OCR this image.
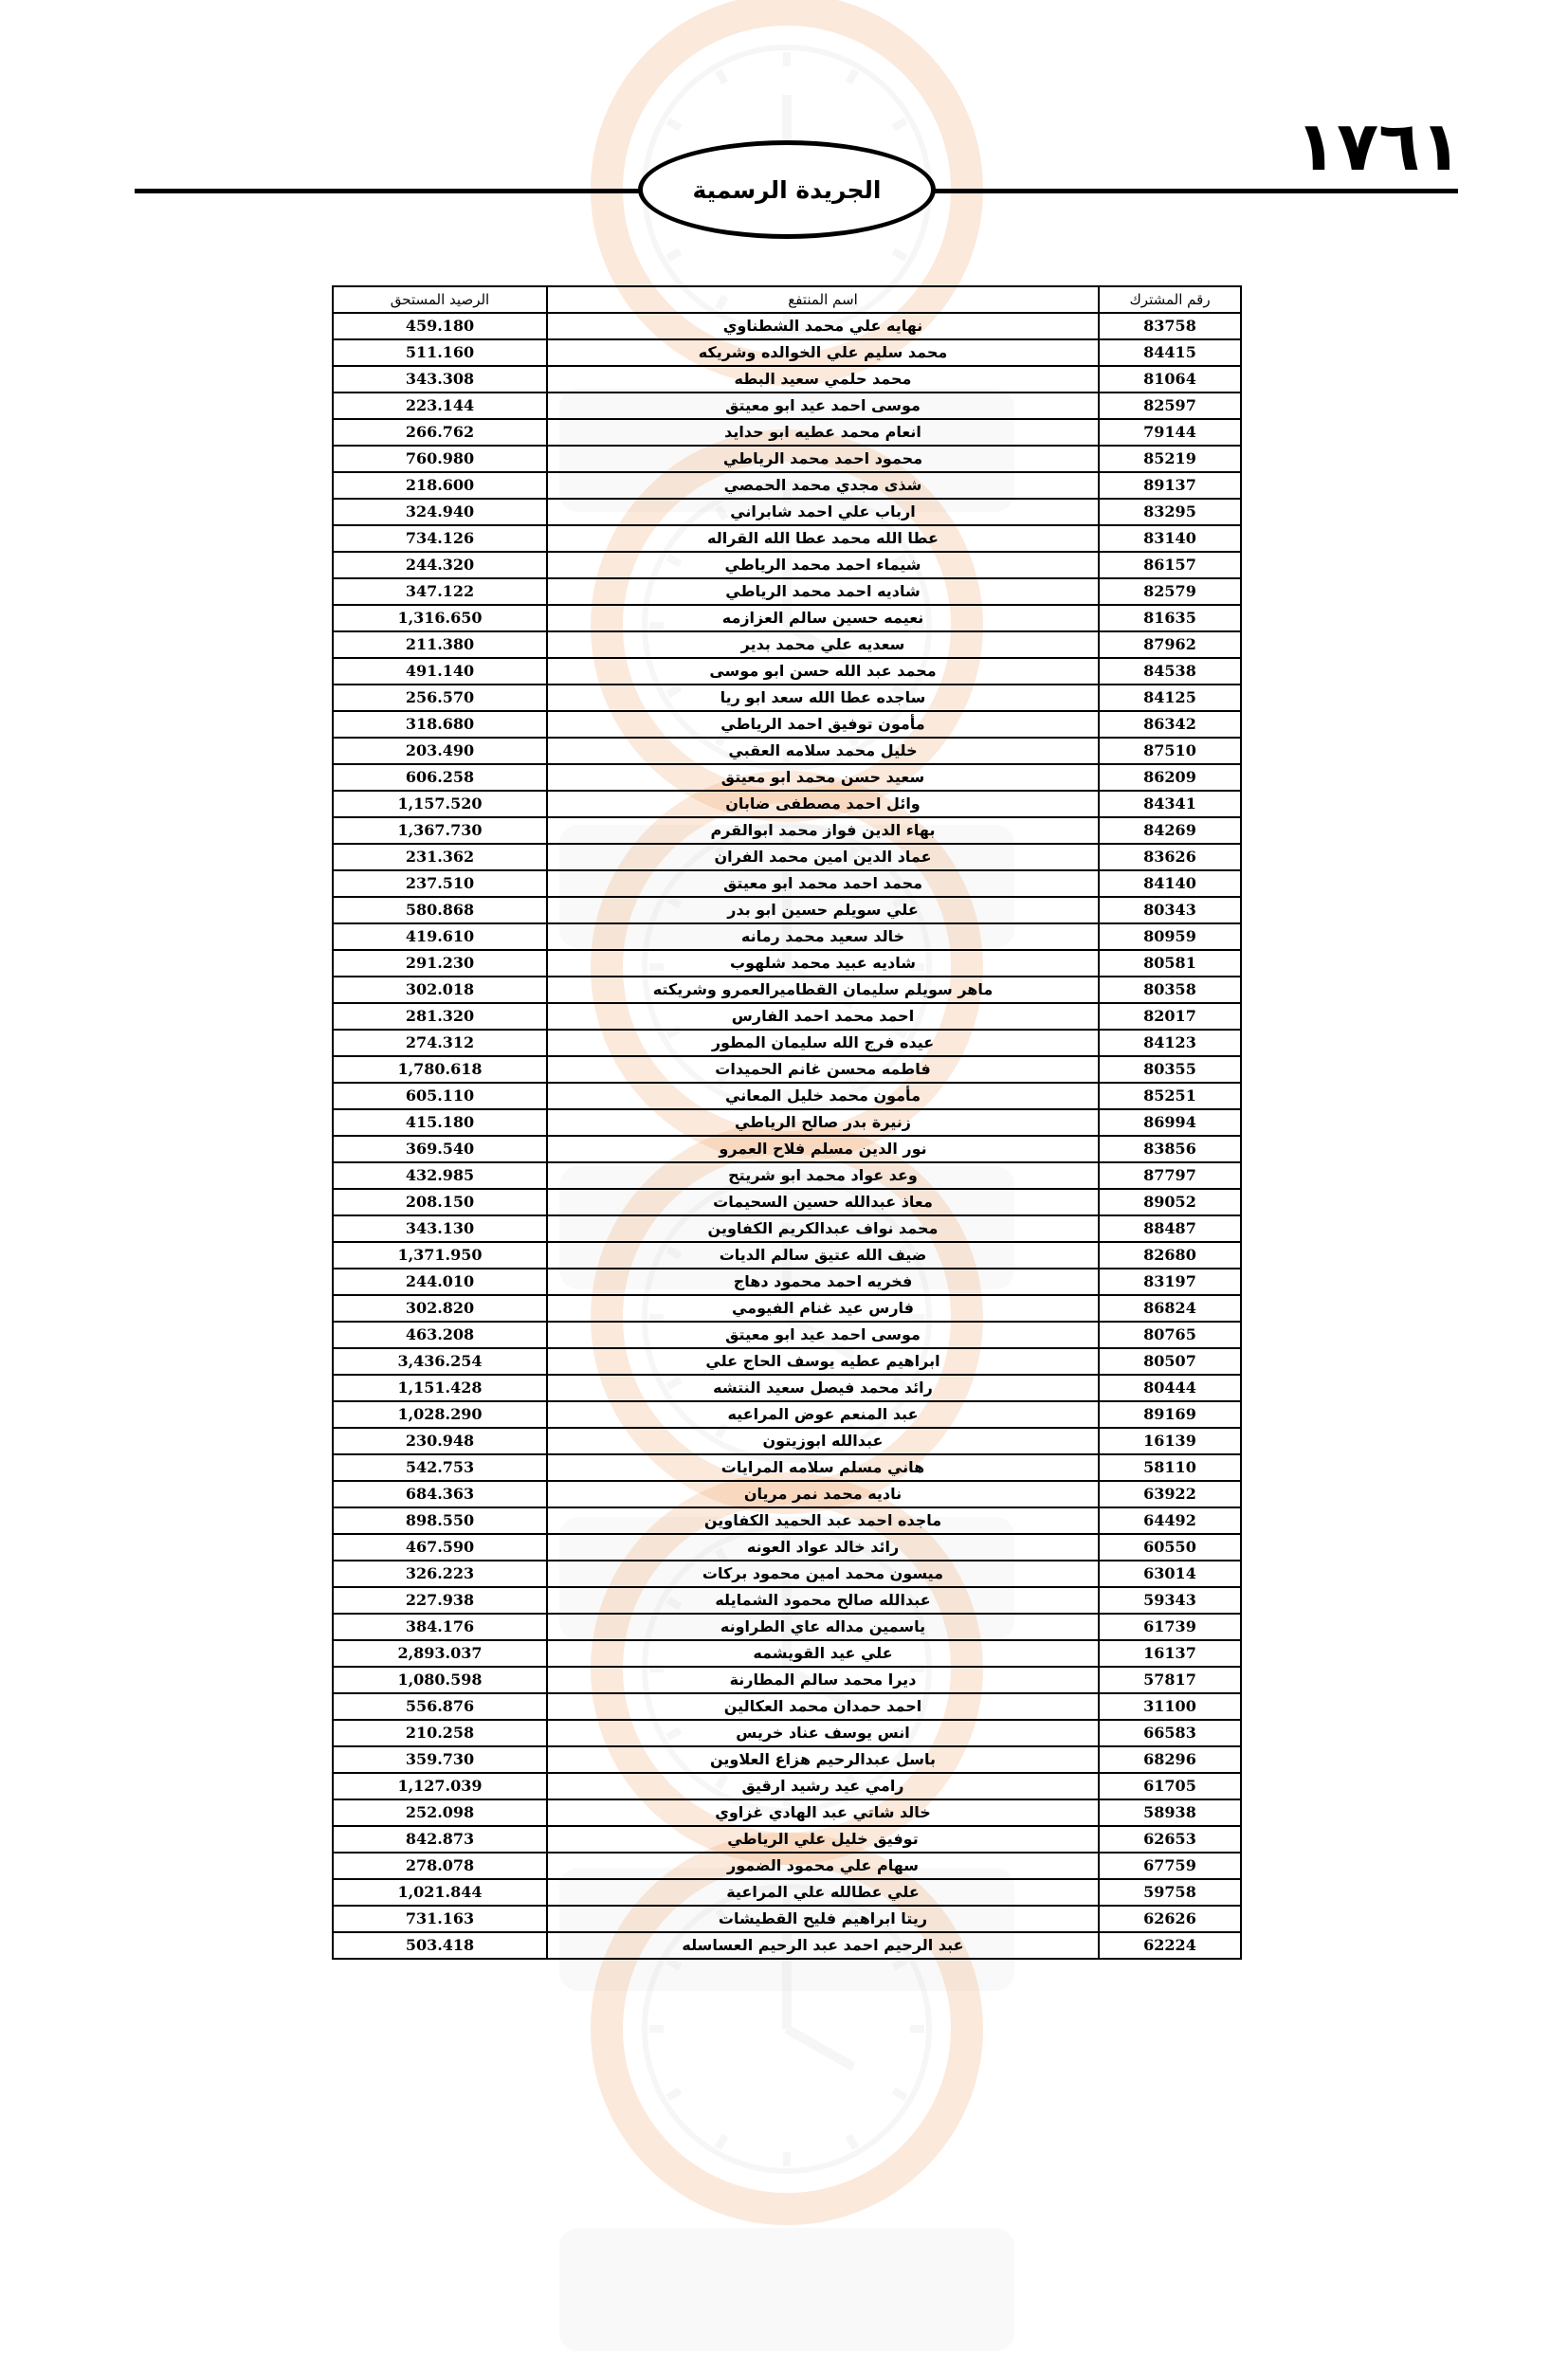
١٧٦١
الجريدة الرسمية
رقم المشترك	اسم المنتفع	الرصيد المستحق
83758	نهايه علي محمد الشطناوي	459.180
84415	محمد سليم علي الخوالده وشريكه	511.160
81064	محمد حلمي سعيد البطه	343.308
82597	موسى احمد عيد ابو معيتق	223.144
79144	انعام محمد عطيه ابو حدايد	266.762
85219	محمود احمد محمد الرياطي	760.980
89137	شذى مجدي محمد الحمصي	218.600
83295	ارباب علي احمد شابراني	324.940
83140	عطا الله محمد عطا الله القراله	734.126
86157	شيماء احمد محمد الرياطي	244.320
82579	شاديه احمد محمد الرياطي	347.122
81635	نعيمه حسين سالم العزازمه	1,316.650
87962	سعديه علي محمد بدير	211.380
84538	محمد عبد الله حسن ابو موسى	491.140
84125	ساجده عطا الله سعد ابو ريا	256.570
86342	مأمون توفيق احمد الرياطي	318.680
87510	خليل محمد سلامه العقبي	203.490
86209	سعيد حسن محمد ابو معيتق	606.258
84341	وائل احمد مصطفى ضابان	1,157.520
84269	بهاء الدين فواز محمد ابوالقرم	1,367.730
83626	عماد الدين امين محمد الفران	231.362
84140	محمد احمد محمد ابو معيتق	237.510
80343	علي سويلم حسين ابو بدر	580.868
80959	خالد سعيد محمد رمانه	419.610
80581	شاديه عبيد محمد شلهوب	291.230
80358	ماهر سويلم سليمان القطاميرالعمرو وشريكته	302.018
82017	احمد محمد احمد الفارس	281.320
84123	عيده فرج الله سليمان المطور	274.312
80355	فاطمه محسن غانم الحميدات	1,780.618
85251	مأمون محمد خليل المعاني	605.110
86994	زنيرة بدر صالح الرياطي	415.180
83856	نور الدين مسلم فلاح العمرو	369.540
87797	وعد عواد محمد ابو شريتح	432.985
89052	معاذ عبدالله حسين السحيمات	208.150
88487	محمد نواف عبدالكريم الكفاوين	343.130
82680	ضيف الله عتيق سالم الديات	1,371.950
83197	فخريه احمد محمود دهاج	244.010
86824	فارس عيد غنام الفيومي	302.820
80765	موسى احمد عيد ابو معيتق	463.208
80507	ابراهيم عطيه يوسف الحاج علي	3,436.254
80444	رائد محمد فيصل سعيد النتشه	1,151.428
89169	عبد المنعم عوض المراعيه	1,028.290
16139	عبدالله ابوزيتون	230.948
58110	هاني مسلم سلامه المرايات	542.753
63922	ناديه محمد نمر مريان	684.363
64492	ماجده احمد عبد الحميد الكفاوين	898.550
60550	رائد خالد عواد العونه	467.590
63014	ميسون محمد امين محمود بركات	326.223
59343	عبدالله صالح محمود الشمايله	227.938
61739	ياسمين مداله عاي الطراونه	384.176
16137	علي عيد القويشمه	2,893.037
57817	ديرا محمد سالم المطارنة	1,080.598
31100	احمد حمدان محمد العكالين	556.876
66583	انس يوسف عناد خريس	210.258
68296	باسل عبدالرحيم هزاع العلاوين	359.730
61705	رامي عيد رشيد ارقيق	1,127.039
58938	خالد شاتي عبد الهادي غزاوي	252.098
62653	توفيق خليل علي الرياطي	842.873
67759	سهام علي محمود الضمور	278.078
59758	علي عطالله علي المراعية	1,021.844
62626	ريتا ابراهيم فليح القطيشات	731.163
62224	عبد الرحيم احمد عبد الرحيم العساسله	503.418
